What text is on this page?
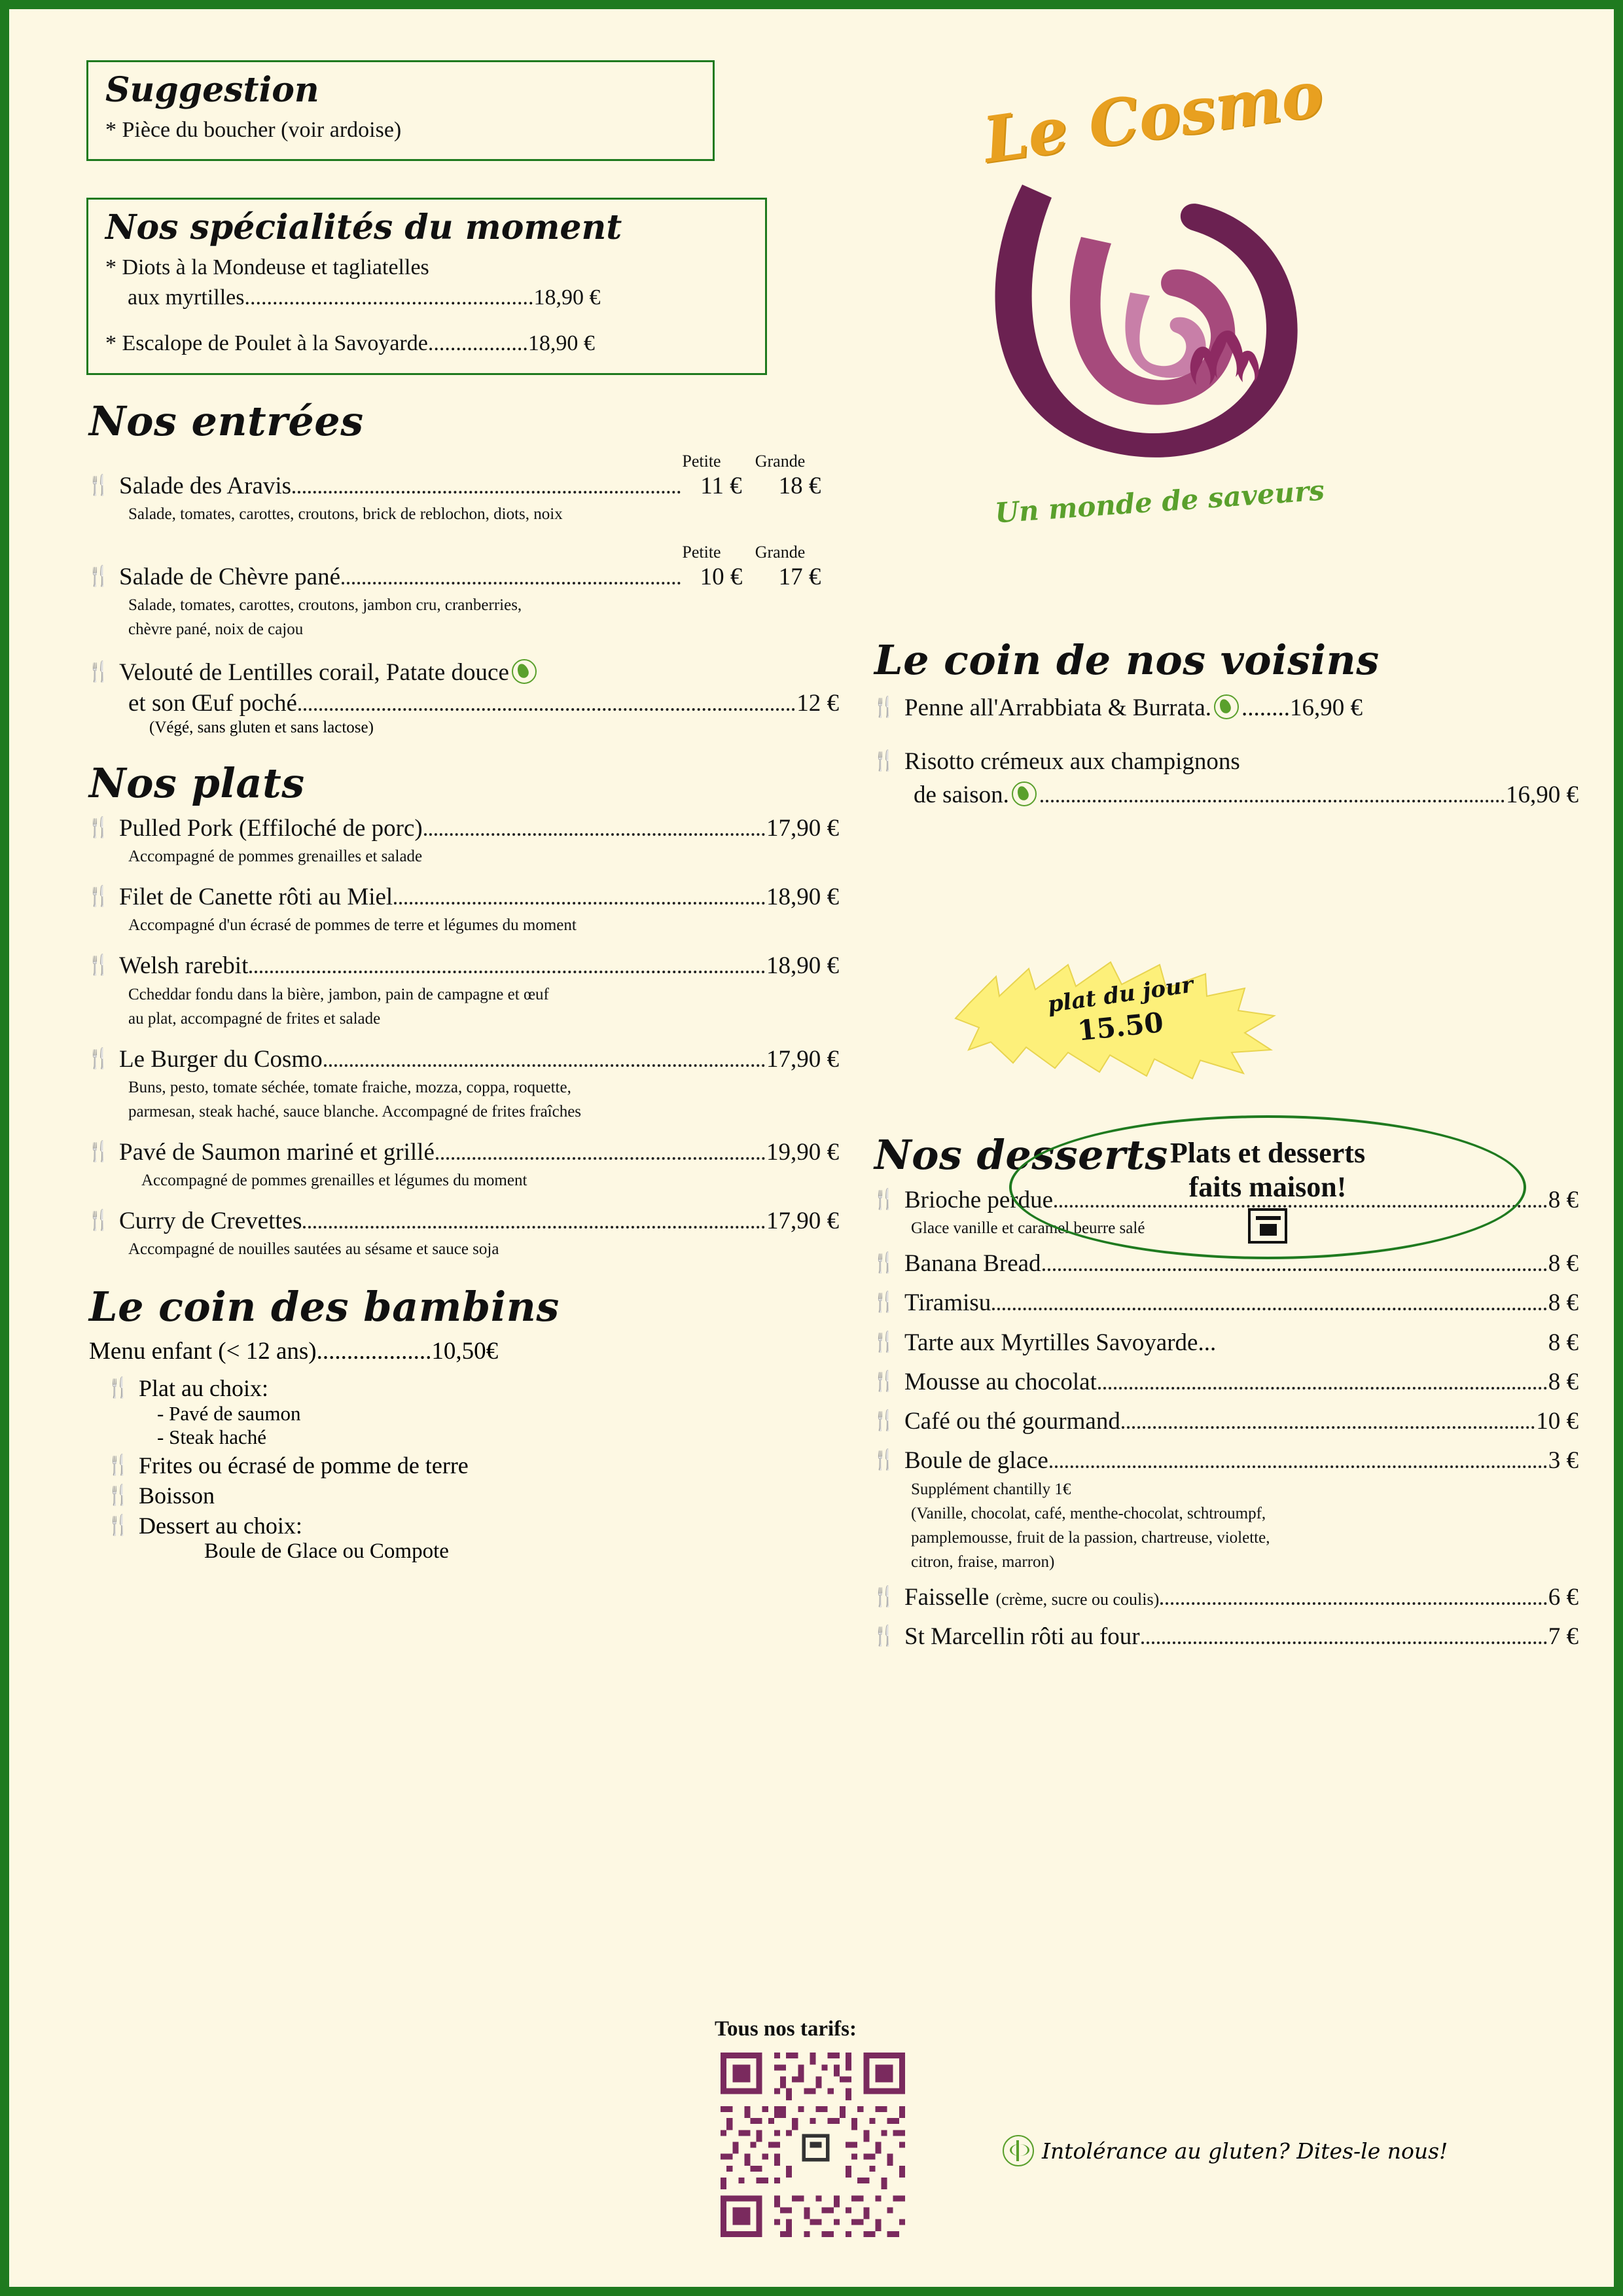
Suggestion
* Pièce du boucher (voir ardoise)
Nos spécialités du moment
* Diots à la Mondeuse et tagliatelles
aux myrtilles....................................................18,90 €
* Escalope de Poulet à la Savoyarde..................18,90 €
Nos entrées
Petite Grande
🍴 Salade des Aravis	11 € 18 €
Salade, tomates, carottes, croutons, brick de reblochon, diots, noix
Petite Grande
🍴 Salade de Chèvre pané	10 € 17 €
Salade, tomates, carottes, croutons, jambon cru, cranberries,
chèvre pané, noix de cajou
🍴 Velouté de Lentilles corail, Patate douce
et son Œuf poché	12 €
(Végé, sans gluten et sans lactose)
Nos plats
🍴 Pulled Pork (Effiloché de porc)	17,90 €
Accompagné de pommes grenailles et salade
🍴 Filet de Canette rôti au Miel	18,90 €
Accompagné d'un écrasé de pommes de terre et légumes du moment
🍴 Welsh rarebit	18,90 €
Ccheddar fondu dans la bière, jambon, pain de campagne et œuf
au plat, accompagné de frites et salade
🍴 Le Burger du Cosmo	17,90 €
Buns, pesto, tomate séchée, tomate fraiche, mozza, coppa, roquette,
parmesan, steak haché, sauce blanche. Accompagné de frites fraîches
🍴 Pavé de Saumon mariné et grillé	19,90 €
Accompagné de pommes grenailles et légumes du moment
🍴 Curry de Crevettes	17,90 €
Accompagné de nouilles sautées au sésame et sauce soja
Le coin des bambins
Menu enfant (< 12 ans) ................... 10,50€
🍴 Plat au choix:
- Pavé de saumon
- Steak haché
🍴 Frites ou écrasé de pomme de terre
🍴 Boisson
🍴 Dessert au choix:
Boule de Glace ou Compote
Le Cosmo
Un monde de saveurs
Le coin de nos voisins
🍴 Penne all'Arrabbiata & Burrata. ........ 16,90 €
🍴 Risotto crémeux aux champignons
de saison.	16,90 €
Nos desserts
🍴 Brioche perdue	8 €
Glace vanille et caramel beurre salé
🍴 Banana Bread	8 €
🍴 Tiramisu	8 €
🍴 Tarte aux Myrtilles Savoyarde...	8 €
🍴 Mousse au chocolat	8 €
🍴 Café ou thé gourmand	10 €
🍴 Boule de glace	3 €
Supplément chantilly 1€
(Vanille, chocolat, café, menthe-chocolat, schtroumpf,
pamplemousse, fruit de la passion, chartreuse, violette,
citron, fraise, marron)
🍴 Faisselle (crème, sucre ou coulis)	6 €
🍴 St Marcellin rôti au four	7 €
plat du jour
15.50
Plats et desserts
faits maison!
Tous nos tarifs:
Intolérance au gluten? Dites-le nous!
